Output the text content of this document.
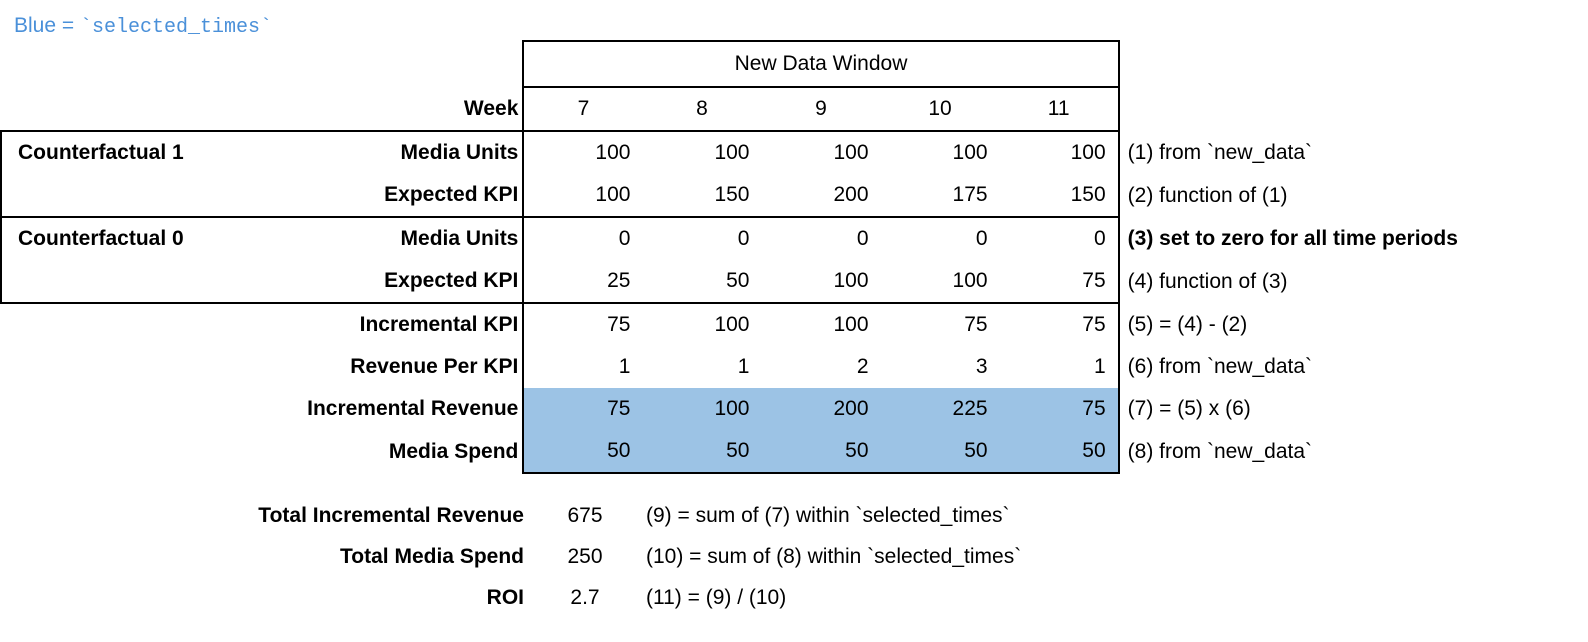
Blue = `selected_times`
		New Data Window					
	Week	7	8	9	10	11	
Counterfactual 1	Media Units	100	100	100	100	100	(1) from `new_data`
	Expected KPI	100	150	200	175	150	(2) function of (1)
Counterfactual 0	Media Units	0	0	0	0	0	(3) set to zero for all time periods
	Expected KPI	25	50	100	100	75	(4) function of (3)
	Incremental KPI	75	100	100	75	75	(5) = (4) - (2)
	Revenue Per KPI	1	1	2	3	1	(6) from `new_data`
	Incremental Revenue	75	100	200	225	75	(7) = (5) x (6)
	Media Spend	50	50	50	50	50	(8) from `new_data`
Total Incremental Revenue	675	(9) = sum of (7) within `selected_times`
Total Media Spend	250	(10) = sum of (8) within `selected_times`
ROI	2.7	(11) = (9) / (10)
